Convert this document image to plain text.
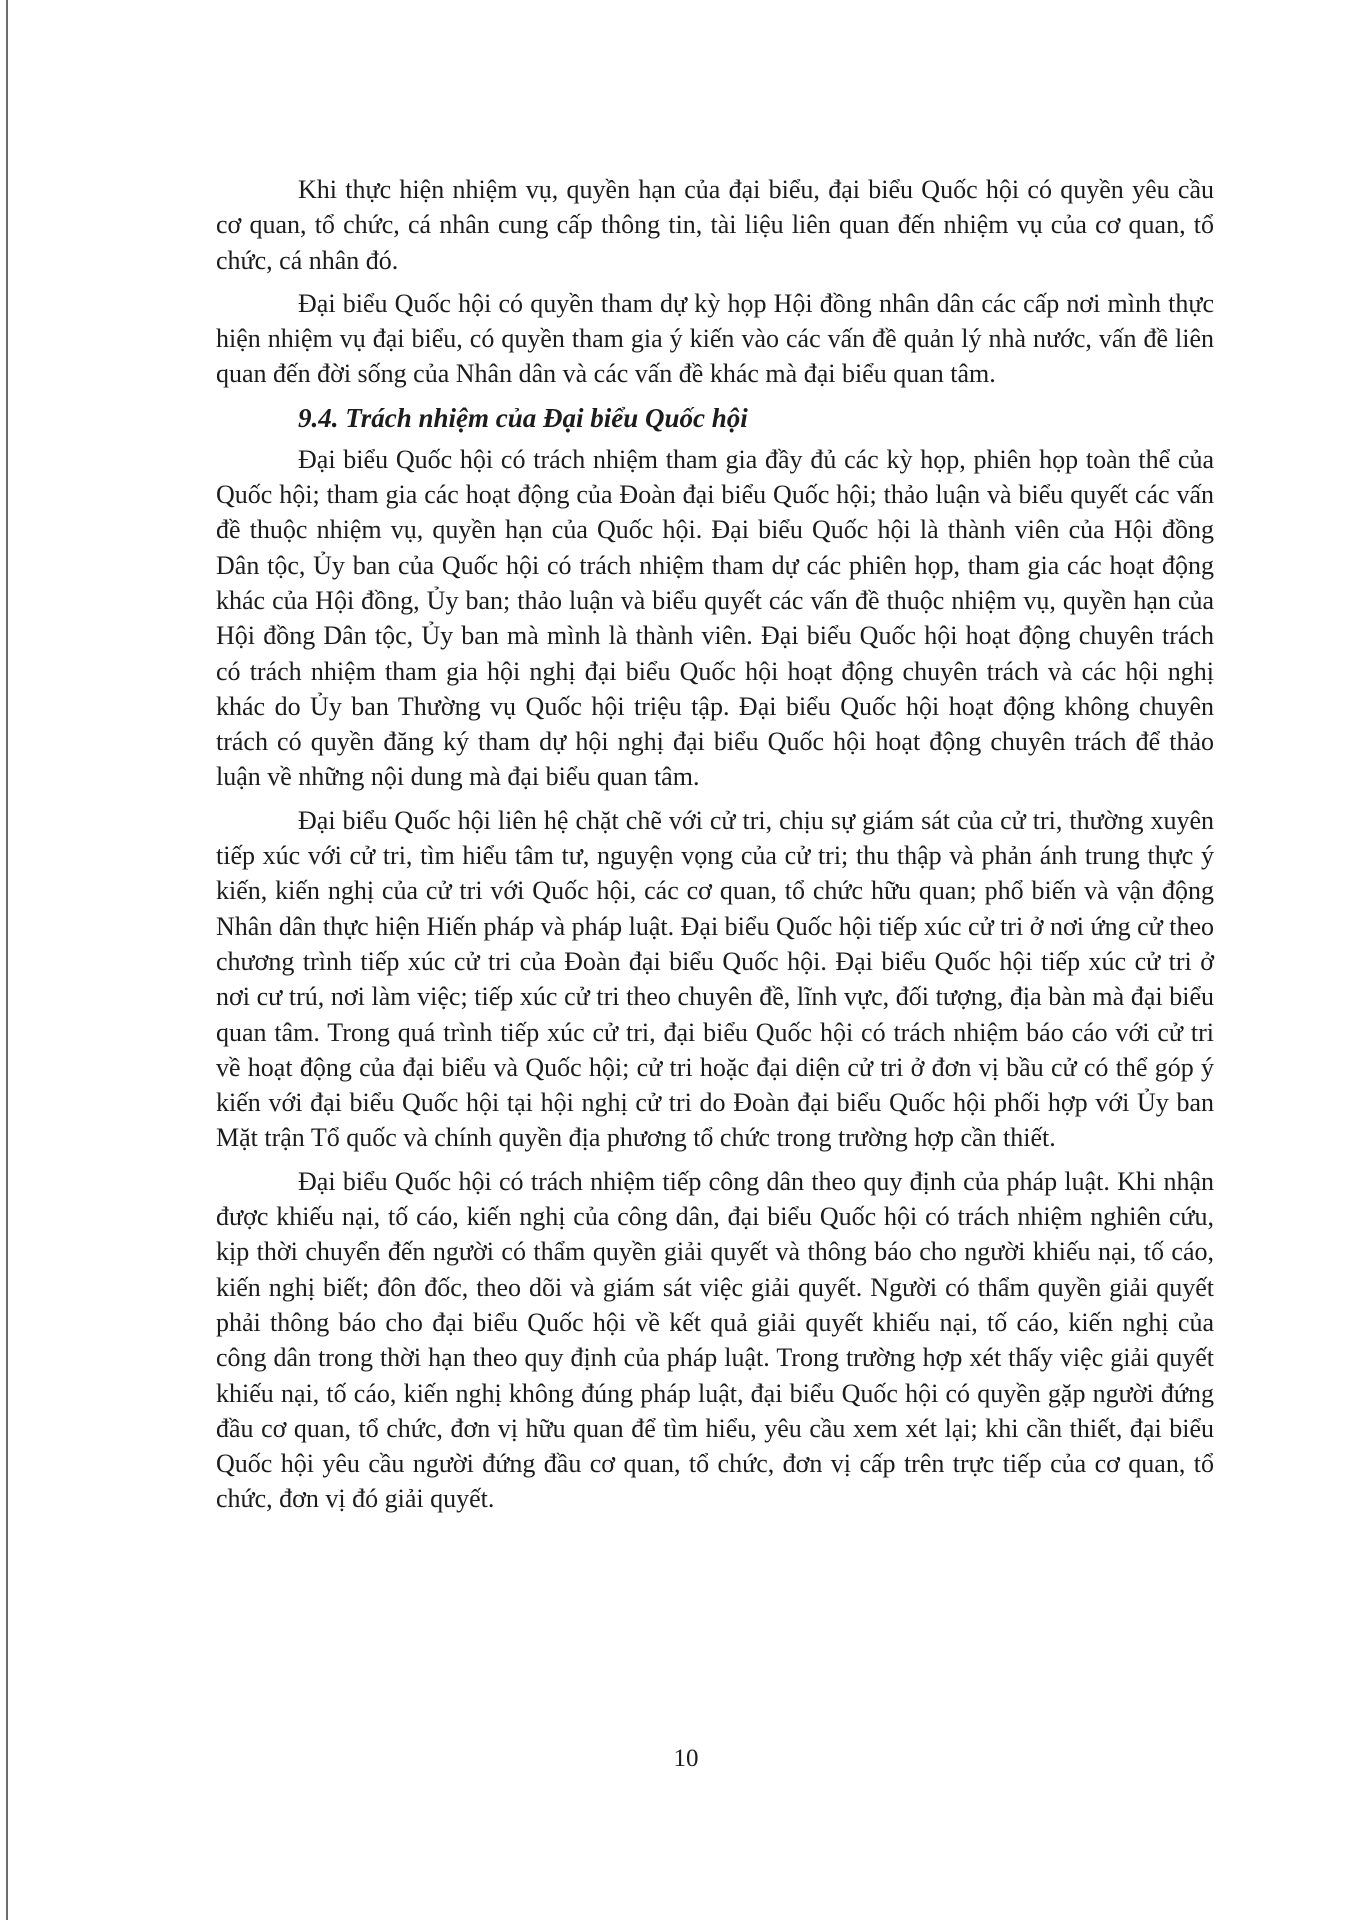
Khi thực hiện nhiệm vụ, quyền hạn của đại biểu, đại biểu Quốc hội có quyền yêu cầu cơ quan, tổ chức, cá nhân cung cấp thông tin, tài liệu liên quan đến nhiệm vụ của cơ quan, tổ chức, cá nhân đó.

Đại biểu Quốc hội có quyền tham dự kỳ họp Hội đồng nhân dân các cấp nơi mình thực hiện nhiệm vụ đại biểu, có quyền tham gia ý kiến vào các vấn đề quản lý nhà nước, vấn đề liên quan đến đời sống của Nhân dân và các vấn đề khác mà đại biểu quan tâm.

9.4. Trách nhiệm của Đại biểu Quốc hội

Đại biểu Quốc hội có trách nhiệm tham gia đầy đủ các kỳ họp, phiên họp toàn thể của Quốc hội; tham gia các hoạt động của Đoàn đại biểu Quốc hội; thảo luận và biểu quyết các vấn đề thuộc nhiệm vụ, quyền hạn của Quốc hội. Đại biểu Quốc hội là thành viên của Hội đồng Dân tộc, Ủy ban của Quốc hội có trách nhiệm tham dự các phiên họp, tham gia các hoạt động khác của Hội đồng, Ủy ban; thảo luận và biểu quyết các vấn đề thuộc nhiệm vụ, quyền hạn của Hội đồng Dân tộc, Ủy ban mà mình là thành viên. Đại biểu Quốc hội hoạt động chuyên trách có trách nhiệm tham gia hội nghị đại biểu Quốc hội hoạt động chuyên trách và các hội nghị khác do Ủy ban Thường vụ Quốc hội triệu tập. Đại biểu Quốc hội hoạt động không chuyên trách có quyền đăng ký tham dự hội nghị đại biểu Quốc hội hoạt động chuyên trách để thảo luận về những nội dung mà đại biểu quan tâm.

Đại biểu Quốc hội liên hệ chặt chẽ với cử tri, chịu sự giám sát của cử tri, thường xuyên tiếp xúc với cử tri, tìm hiểu tâm tư, nguyện vọng của cử tri; thu thập và phản ánh trung thực ý kiến, kiến nghị của cử tri với Quốc hội, các cơ quan, tổ chức hữu quan; phổ biến và vận động Nhân dân thực hiện Hiến pháp và pháp luật. Đại biểu Quốc hội tiếp xúc cử tri ở nơi ứng cử theo chương trình tiếp xúc cử tri của Đoàn đại biểu Quốc hội. Đại biểu Quốc hội tiếp xúc cử tri ở nơi cư trú, nơi làm việc; tiếp xúc cử tri theo chuyên đề, lĩnh vực, đối tượng, địa bàn mà đại biểu quan tâm. Trong quá trình tiếp xúc cử tri, đại biểu Quốc hội có trách nhiệm báo cáo với cử tri về hoạt động của đại biểu và Quốc hội; cử tri hoặc đại diện cử tri ở đơn vị bầu cử có thể góp ý kiến với đại biểu Quốc hội tại hội nghị cử tri do Đoàn đại biểu Quốc hội phối hợp với Ủy ban Mặt trận Tổ quốc và chính quyền địa phương tổ chức trong trường hợp cần thiết.

Đại biểu Quốc hội có trách nhiệm tiếp công dân theo quy định của pháp luật. Khi nhận được khiếu nại, tố cáo, kiến nghị của công dân, đại biểu Quốc hội có trách nhiệm nghiên cứu, kịp thời chuyển đến người có thẩm quyền giải quyết và thông báo cho người khiếu nại, tố cáo, kiến nghị biết; đôn đốc, theo dõi và giám sát việc giải quyết. Người có thẩm quyền giải quyết phải thông báo cho đại biểu Quốc hội về kết quả giải quyết khiếu nại, tố cáo, kiến nghị của công dân trong thời hạn theo quy định của pháp luật. Trong trường hợp xét thấy việc giải quyết khiếu nại, tố cáo, kiến nghị không đúng pháp luật, đại biểu Quốc hội có quyền gặp người đứng đầu cơ quan, tổ chức, đơn vị hữu quan để tìm hiểu, yêu cầu xem xét lại; khi cần thiết, đại biểu Quốc hội yêu cầu người đứng đầu cơ quan, tổ chức, đơn vị cấp trên trực tiếp của cơ quan, tổ chức, đơn vị đó giải quyết.

10
